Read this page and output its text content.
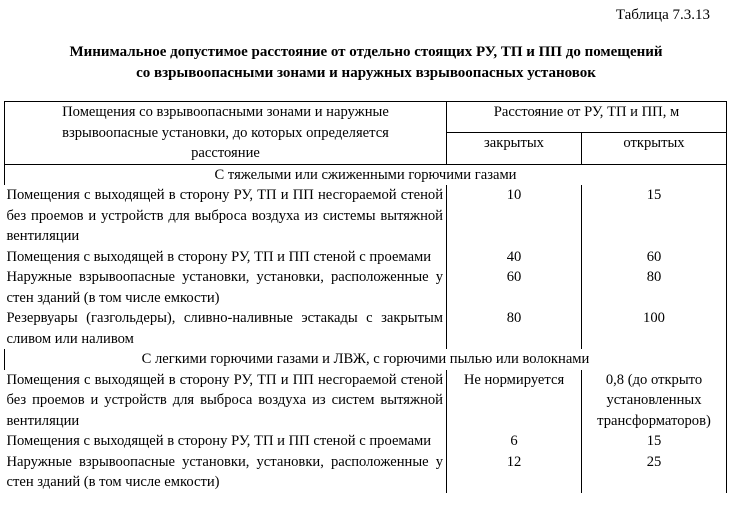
Таблица 7.3.13
Минимальное допустимое расстояние от отдельно стоящих РУ, ТП и ПП до помещений
со взрывоопасными зонами и наружных взрывоопасных установок
Помещения со взрывоопасными зонами и наружные взрывоопасные установки, до которых определяется расстояние	Расстояние от РУ, ТП и ПП, м	
	закрытых	открытых
С тяжелыми или сжиженными горючими газами		
Помещения с выходящей в сторону РУ, ТП и ПП несгораемой стеной без проемов и устройств для выброса воздуха из системы вытяжной вентиляции	10	15
Помещения с выходящей в сторону РУ, ТП и ПП стеной с проемами	40	60
Наружные взрывоопасные установки, установки, расположенные у стен зданий (в том числе емкости)	60	80
Резервуары (газгольдеры), сливно-наливные эстакады с закрытым сливом или наливом	80	100
С легкими горючими газами и ЛВЖ, с горючими пылью или волокнами		
Помещения с выходящей в сторону РУ, ТП и ПП несгораемой стеной без проемов и устройств для выброса воздуха из систем вытяжной вентиляции	Не нормируется	0,8 (до открыто установленных трансформаторов)
Помещения с выходящей в сторону РУ, ТП и ПП стеной с проемами	6	15
Наружные взрывоопасные установки, установки, расположенные у стен зданий (в том числе емкости)	12	25
